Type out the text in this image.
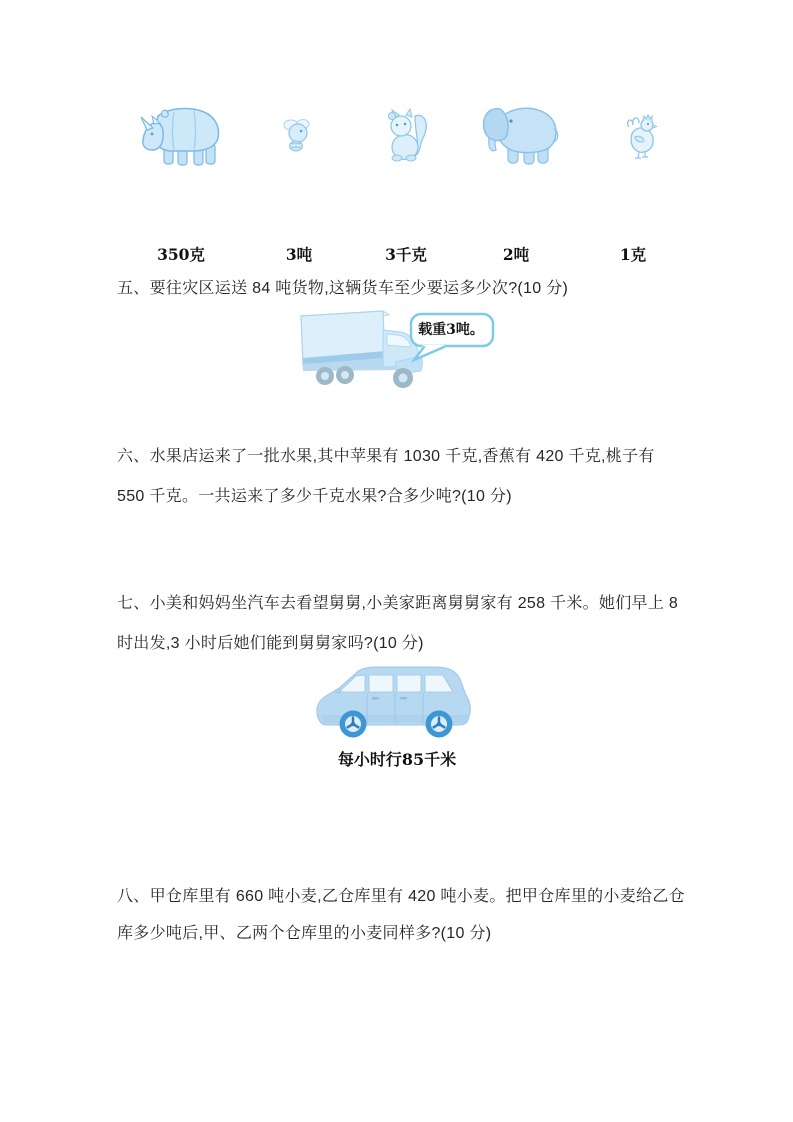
350克	3吨	3千克	2吨	1克
五、要往灾区运送 84 吨货物,这辆货车至少要运多少次?(10 分)
载重3吨。
六、水果店运来了一批水果,其中苹果有 1030 千克,香蕉有 420 千克,桃子有
550 千克。一共运来了多少千克水果?合多少吨?(10 分)
七、小美和妈妈坐汽车去看望舅舅,小美家距离舅舅家有 258 千米。她们早上 8
时出发,3 小时后她们能到舅舅家吗?(10 分)
每小时行85千米
八、甲仓库里有 660 吨小麦,乙仓库里有 420 吨小麦。把甲仓库里的小麦给乙仓
库多少吨后,甲、乙两个仓库里的小麦同样多?(10 分)
